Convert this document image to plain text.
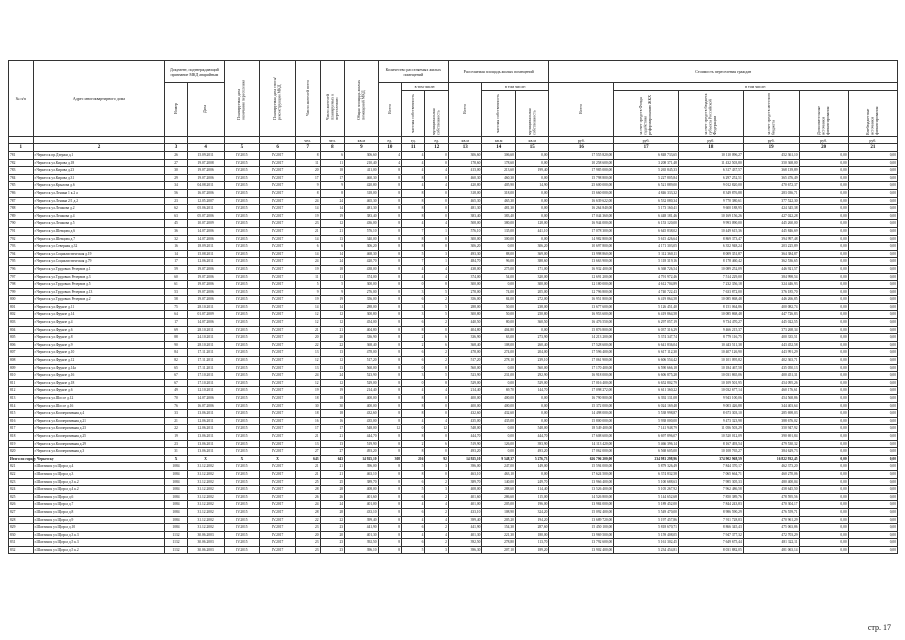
№ п/п	Адрес многоквартирного дома	Документ, подтверждающий признание МКД аварийным		Планируемая дата окончания переселения	Планируемая дата сноса/ реконструкции МКД	Число жителей всего	Число жителей планируемых к переселению	Общая площадь жилых помещений МКД	Количество расселяемых жилых помещений			Расселяемая площадь жилых помещений			Стоимость переселения граждан					
		Номер	Дата						Всего	в том числе:		Всего	в том числе:		Всего	в том числе:				
										частная собственность	муниципальная собственность		частная собственность	муниципальная собственность		за счет средств Фонда содействия реформированию ЖКХ	за счет средств бюджета субъекта Российской Федерации	за счет средств местного бюджета	Дополнительные источники финансирования	Внебюджетные источники финансирования
						чел.	чел.	кв.м	ед.	ед.	ед.	кв.м	кв.м	кв.м	руб.	руб.	руб.	руб.	руб.	руб.
1	2	3	4	5	6	7	8	9	10	11	12	13	14	15	16	17	18	19	20	21
781	г.Черкесск пр.Дзержи д.1	26	15.09.2011	IV.2015	IV.2017	8	6	306,60	4	4	0	306,60	306,60	0,00	17 555 820,00	6 848 733,65	10 110 096,27	452 361,10	0,00	0,00
782	г.Черкесск ул.Кирова д.18	27	19.07.2008	IV.2015	IV.2017	11	11	210,40	4	4	0	178,60	178,60	0,00	10 258 600,00	3 208 371,48	11 432 503,80	350 368,00	0,00	0,00
783	г.Черкесск ул.Кирова д.23	30	19.07.2006	IV.2015	IV.2017	20	18	411,00	8	4	4	413,00	213,60	199,40	17 985 000,00	5 265 845,33	6 317 437,57	368 139,89	0,00	0,00
784	г.Черкесск ул.Кирова д.31	29	19.07.2006	IV.2015	IV.2017	17	17	460,30	8	8	0	460,30	460,30	0,00	15 798 800,00	5 227 805,84	6 297 252,51	365 476,49	0,00	0,00
785	г.Черкесск ул.Крылова д.6	34	04.08.2011	IV.2015	IV.2017	9	9	420,80	8	4	4	420,80	405,90	14,90	25 600 000,00	6 521 889,00	9 012 820,00	470 672,37	0,00	0,00
786	г.Черкесск ул.Ленина 1 к.2 а	56	16.07.2006	IV.2015	IV.2017	8	8	318,00	8	8	0	318,00	318,00	0,00	15 660 000,00	4 846 333,32	8 349 876,88	283 036,71	0,00	0,00
787	г.Черкесск ул.Ленина 2/1 д.2	23	12.05.2007	IV.2015	IV.2017	24	24	465,30	8	8	0	465,30	465,30	0,00	16 639 622,00	6 532 080,34	9 770 380,61	377 522,30	0,00	0,00
788	г.Черкесск ул.Лешкова д.2	62	05.06.2011	IV.2015	IV.2017	14	14	481,30	8	8	0	481,30	481,30	0,00	16 264 840,00	5 173 160,41	9 600 188,95	424 345,38	0,00	0,00
789	г.Черкесск ул.Лешкова д.4	63	05.07.2006	IV.2015	IV.2017	19	19	383,40	8	8	0	383,40	383,40	0,00	17 044 360,00	6 448 181,46	10 169 156,26	427 022,28	0,00	0,00
790	г.Черкесск ул.Лешкова д.5	45	10.07.2009	IV.2015	IV.2017	23	12	436,00	8	4	4	508,00	380,00	128,00	16 944 000,00	6 153 120,00	9 993 090,00	445 260,00	0,00	0,00
791	г.Черкесск ул.Шевцова д.6	36	14.07.2006	IV.2015	IV.2017	21	21	576,10	8	7	1	576,10	135,00	441,10	17 078 300,00	6 645 838,02	10 449 615,36	445 846,69	0,00	0,00
792	г.Черкесск ул.Шевцова д.7	32	14.07.2006	IV.2015	IV.2017	14	13	340,00	8	8	0	300,00	300,00	0,00	14 982 800,00	5 615 426,64	8 869 373,47	394 997,48	0,00	0,00
793	г.Черкесск ул.Северная д.32	16	18.09.2011	IV.2015	IV.2017	6	6	306,20	8	8	0	306,20	0,00	306,20	10 697 800,00	4 171 303,05	6 352 948,24	203 225,89	0,00	0,00
794	г.Черкесск ул.Социалистическая д.19	14	15.08.2011	IV.2015	IV.2017	14	14	468,30	8	5	3	493,30	88,00	369,00	13 998 860,00	5 112 360,11	8 009 351,87	364 384,87	0,00	0,00
795	г.Черкесск ул.Социалистическая д.79	17	12.06.2011	IV.2015	IV.2017	24	24	420,70	8	7	1	484,70	96,00	388,60	13 663 900,00	5 118 319,16	8 178 460,42	362 536,65	0,00	0,00
796	г.Черкесск ул.Трудовых Резервов д.1	59	19.07.2006	IV.2015	IV.2017	19	18	438,00	8	4	4	438,00	275,00	171,00	16 932 400,00	6 368 726,54	10 089 252,09	446 921,57	0,00	0,00
797	г.Черкесск ул.Трудовых Резервов д.3	60	19.07.2006	IV.2015	IV.2017	11	11	374,00	8	4	4	374,00	54,00	320,00	12 691 200,00	4 791 972,46	7 514 229,00	384 998,54	0,00	0,00
798	г.Черкесск ул.Трудовых Резервов д.5	61	19.07.2006	IV.2015	IV.2017	5	5	300,00	8	0	8	300,00	0,00	300,00	12 180 000,00	4 612 704,89	7 232 356,18	324 446,93	0,00	0,00
799	г.Черкесск ул.Трудовых Резервов д.13	53	19.07.2006	IV.2015	IV.2017	9	9	276,00	8	3	5	278,00	74,00	205,00	12 796 800,00	4 740 722,43	7 633 872,00	376 185,70	0,00	0,00
800	г.Черкесск ул.Трудовых Резервов д.2	58	19.07.2006	IV.2015	IV.2017	19	19	356,00	8	6	2	356,00	84,00	272,00	16 951 800,00	6 419 864,58	10 085 868,48	446 266,85	0,00	0,00
801	г.Черкесск ул.Фрунзе д.11	75	28.10.2011	IV.2015	IV.2017	14	14	288,00	8	3	5	288,00	50,00	238,00	13 677 600,00	5 126 451,40	8 151 064,86	400 082,74	0,00	0,00
802	г.Черкесск ул.Фрунзе д.14	64	01.07.2009	IV.2015	IV.2017	12	12	300,80	8	3	5	300,80	50,00	250,80	16 953 600,00	6 419 864,58	10 085 868,48	447 726,83	0,00	0,00
803	г.Черкесск ул.Фрунзе д.4	17	14.07.2006	IV.2015	IV.2017	12	12	454,00	8	6	2	440,50	80,00	360,50	16 476 550,00	6 297 057,19	9 734 470,27	445 022,55	0,00	0,00
804	г.Черкесск ул.Фрунзе д.6	69	28.10.2011	IV.2015	IV.2017	21	21	404,80	8	8	0	404,80	404,80	0,00	15 876 800,00	6 037 316,29	9 466 215,37	373 268,34	0,00	0,00
805	г.Черкесск ул.Фрунзе д.8	88	24.10.2011	IV.2015	IV.2017	20	20	336,90	8	2	6	336,90	63,00	273,90	14 213 200,00	5 374 347,74	8 779 116,75	400 335,51	0,00	0,00
806	г.Черкесск ул.Фрунзе д.9	90	28.10.2011	IV.2015	IV.2017	22	22	368,40	8	2	6	368,40	108,00	260,40	17 528 600,00	6 641 836,04	10 443 511,38	443 452,58	0,00	0,00
807	г.Черкесск ул.Фрунзе д.10	84	17.11.2011	IV.2015	IV.2017	13	13	478,00	8	6	2	478,00	274,00	204,00	17 596 400,00	6 617 112,30	10 407 126,90	443 991,29	0,00	0,00
808	г.Черкесск ул.Фрунзе д.12	82	17.11.2011	IV.2015	IV.2017	12	12	517,20	8	6	2	517,20	278,10	239,10	17 061 900,00	6 606 554,42	10 101 095,82	402 363,71	0,00	0,00
809	г.Черкесск ул.Фрунзе д.14а	65	17.11.2011	IV.2015	IV.2017	13	13	560,00	8	0	8	560,00	0,00	560,00	17 170 400,00	6 590 666,18	10 184 467,58	435 050,13	0,00	0,00
810	г.Черкесск ул.Фрунзе д.16	67	17.10.2011	IV.2015	IV.2017	24	24	523,90	8	3	5	523,90	231,00	292,90	16 918 000,00	6 606 875,28	10 031 865,06	400 451,31	0,00	0,00
811	г.Черкесск ул.Фрунзе д.18	67	17.10.2011	IV.2015	IV.2017	12	12	529,00	8	0	8	529,00	0,00	529,00	17 016 400,00	6 652 802,79	10 109 501,95	454 095,26	0,00	0,00
812	г.Черкесск ул.Фрунзе д.6	49	12.10.2011	IV.2015	IV.2017	19	19	214,40	8	4	4	214,40	69,70	144,70	17 098 272,00	6 611 360,22	10 032 677,14	460 176,61	0,00	0,00
813	г.Черкесск ул.Шоссе д.12	70	14.07.2006	IV.2015	IV.2017	18	18	400,00	8	8	0	400,00	400,00	0,00	16 790 800,00	6 392 131,08	9 943 100,06	454 568,86	0,00	0,00
814	г.Черкесск ул.Шоссе д.16	76	16.07.2006	IV.2015	IV.2017	30	30	400,00	8	8	0	400,00	400,00	0,00	15 372 000,00	6 024 169,48	9 003 426,88	344 403,64	0,00	0,00
815	г.Черкесск ул.Кооперативная д.4	33	13.06.2011	IV.2015	IV.2017	18	18	432,60	8	8	0	432,60	432,60	0,00	14 498 000,00	5 538 998,87	8 673 303,10	285 698,03	0,00	0,00
816	г.Черкесск ул.Кооперативная д.21	21	12.06.2011	IV.2015	IV.2017	16	16	435,00	8	4	4	435,00	435,00	0,00	15 800 000,00	5 938 000,00	9 473 323,98	388 676,02	0,00	0,00
817	г.Черкесск ул.Кооперативная д.23	22	12.06.2011	IV.2015	IV.2017	17	17	548,00	12	0	12	548,00	0,00	548,00	18 549 400,00	7 141 948,79	11 056 503,29	350 947,92	0,00	0,00
818	г.Черкесск ул.Кооперативная д.25	19	13.06.2011	IV.2015	IV.2017	21	21	444,70	8	8	0	444,70	0,00	444,70	17 608 600,00	6 697 896,07	10 520 012,09	390 691,84	0,00	0,00
819	г.Черкесск ул.Кооперативная д.29	23	13.06.2011	IV.2015	IV.2017	13	13	519,90	8	2	6	519,90	126,00	393,90	14 113 420,00	5 466 396,14	8 167 493,54	479 530,32	0,00	0,00
820	г.Черкесск ул.Кооперативная д.3	31	13.06.2011	IV.2015	IV.2017	27	27	493,20	8	8	0	493,20	0,00	493,20	17 062 000,00	6 568 605,00	10 108 765,27	384 629,73	0,00	0,00
Итого по городу Черкесску		X	X	X	X	643	643	14 925,10	308	216	92	14 925,10	9 548,37	5 276,73	626 706 200,00	234 981 298,96	374 902 968,59	16 822 932,45	0,00	0,00
821	г.Шахтинск ул.Щорса д.4	1084	31.12.2002	IV.2015	IV.2017	21	21	396,00	8	5	3	396,00	247,00	149,00	15 594 000,00	5 879 326,49	7 844 370,17	462 373,20	0,00	0,00
822	г.Шахтинск ул.Щорса д.3	1084	31.12.2002	IV.2015	IV.2017	21	21	463,10	8	8	0	463,10	463,10	0,00	17 624 500,00	6 374 832,58	7 065 664,71	460 270,06	0,00	0,00
823	г.Шахтинск ул.Щорса д.3 к.2	1084	31.12.2002	IV.2015	IV.2017	25	25	389,70	8	6	2	389,70	140,00	249,70	13 966 400,00	5 100 688,63	7 985 305,33	480 400,04	0,00	0,00
824	г.Шахтинск ул.Щорса д.4 к.2	1084	31.12.2002	IV.2015	IV.2017	28	28	408,00	8	5	3	408,00	288,60	114,40	13 526 400,00	5 105 267,92	7 962 486,58	458 645,50	0,00	0,00
825	г.Шахтинск ул.Щорса д.6	1084	31.12.2002	IV.2015	IV.2017	26	26	401,60	8	6	2	401,60	286,60	115,00	14 526 800,00	5 144 652,68	7 850 389,76	478 595,56	0,00	0,00
826	г.Шахтинск ул.Щорса д.7	1084	31.12.2002	IV.2015	IV.2017	24	24	401,00	8	4	4	401,00	205,00	196,00	13 984 000,00	5 189 452,00	7 844 243,83	470 304,17	0,00	0,00
827	г.Шахтинск ул.Щорса д.8	1084	31.12.2002	IV.2015	IV.2017	28	28	433,10	8	6	2	433,10	108,90	324,20	15 092 400,00	5 549 470,00	8 986 590,29	476 559,71	0,00	0,00
828	г.Шахтинск ул.Щорса д.9	1084	31.12.2002	IV.2015	IV.2017	22	22	399,40	8	4	4	399,40	205,20	194,20	13 689 720,00	5 197 457,86	7 911 728,83	470 961,29	0,00	0,00
829	г.Шахтинск ул.Щорса д.10	1084	31.12.2002	IV.2015	IV.2017	23	23	441,90	8	6	2	441,90	154,30	287,60	15 450 100,00	5 818 670,71	8 866 345,43	475 063,86	0,00	0,00
830	г.Шахтинск ул.Щорса д.3 к.3	1132	30.06.2003	IV.2015	IV.2017	20	20	401,30	8	4	4	401,30	221,30	180,00	13 969 500,00	5 159 408,05	7 947 377,32	472 703,29	0,00	0,00
831	г.Шахтинск ул.Щорса д.5 к.3	1132	30.06.2003	IV.2015	IV.2017	23	23	392,50	8	6	2	392,50	278,80	113,70	13 792 600,00	5 161 302,45	7 649 675,44	481 322,11	0,00	0,00
832	г.Шахтинск ул.Щорса д.5 к.2	1132	30.06.2003	IV.2015	IV.2017	23	23	396,10	8	5	3	396,30	207,10	189,20	13 902 400,00	5 234 454,81	8 031 882,05	481 063,14	0,00	0,00
стр. 17
